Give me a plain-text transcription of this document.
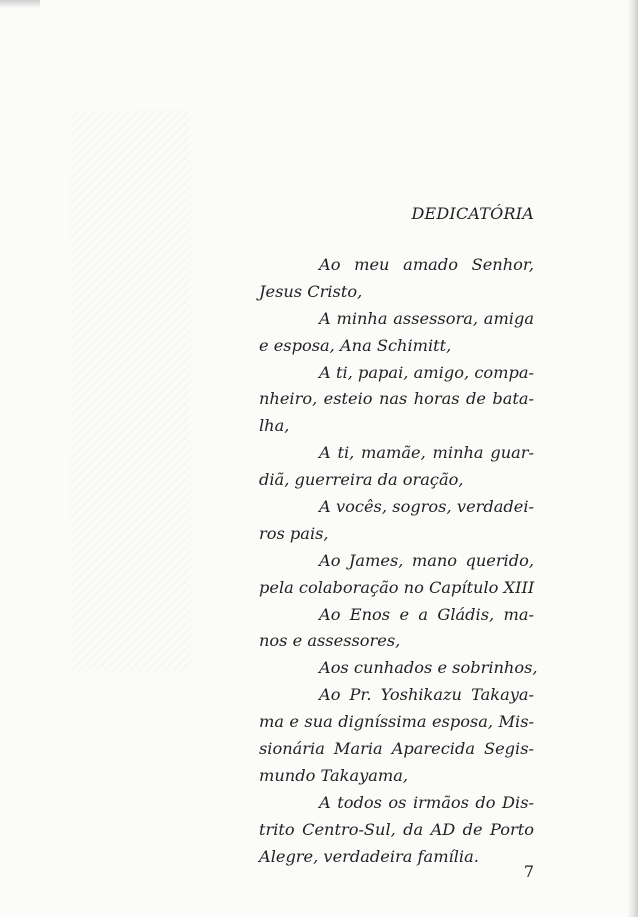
DEDICATÓRIA
Ao meu amado Senhor,
Jesus Cristo,
A minha assessora, amiga
e esposa, Ana Schimitt,
A ti, papai, amigo, compa-
nheiro, esteio nas horas de bata-
lha,
A ti, mamãe, minha guar-
diã, guerreira da oração,
A vocês, sogros, verdadei-
ros pais,
Ao James, mano querido,
pela colaboração no Capítulo XIII
Ao Enos e a Gládis, ma-
nos e assessores,
Aos cunhados e sobrinhos,
Ao Pr. Yoshikazu Takaya-
ma e sua digníssima esposa, Mis-
sionária Maria Aparecida Segis-
mundo Takayama,
A todos os irmãos do Dis-
trito Centro-Sul, da AD de Porto
Alegre, verdadeira família.
7
